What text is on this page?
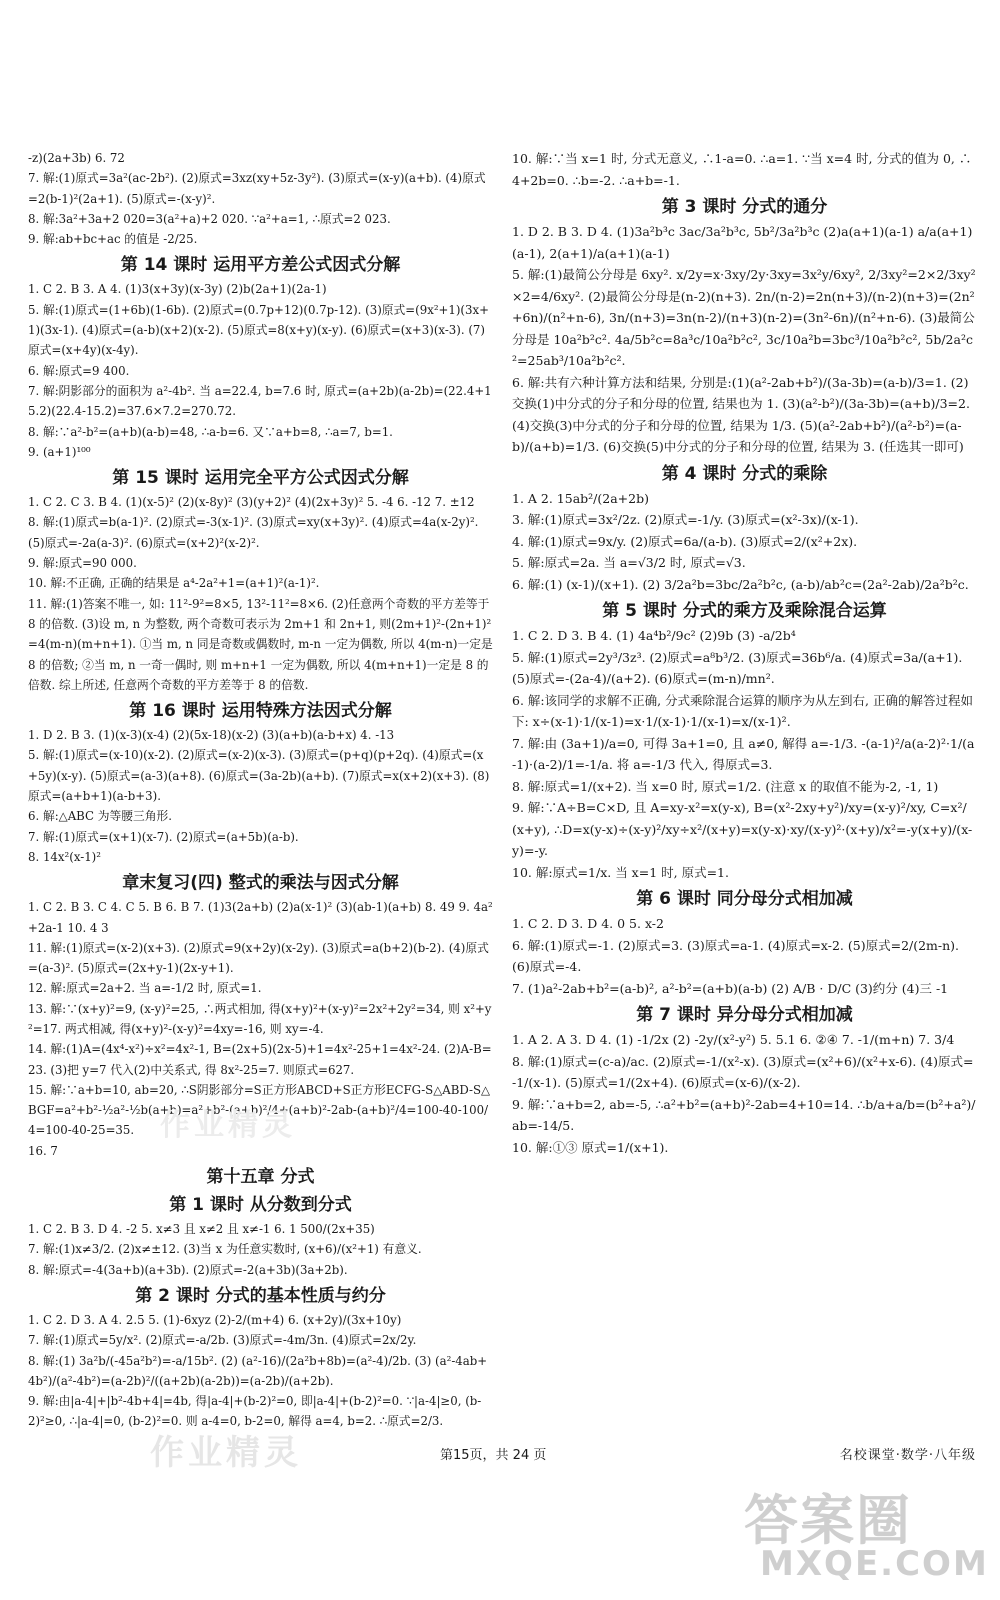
-z)(2a+3b) 6. 72
7. 解:(1)原式=3a²(ac-2b²). (2)原式=3xz(xy+5z-3y²). (3)原式=(x-y)(a+b). (4)原式=2(b-1)²(2a+1). (5)原式=-(x-y)².
8. 解:3a²+3a+2 020=3(a²+a)+2 020. ∵a²+a=1, ∴原式=2 023.
9. 解:ab+bc+ac 的值是 -2/25.
第 14 课时 运用平方差公式因式分解
1. C 2. B 3. A 4. (1)3(x+3y)(x-3y) (2)b(2a+1)(2a-1)
5. 解:(1)原式=(1+6b)(1-6b). (2)原式=(0.7p+12)(0.7p-12). (3)原式=(9x²+1)(3x+1)(3x-1). (4)原式=(a-b)(x+2)(x-2). (5)原式=8(x+y)(x-y). (6)原式=(x+3)(x-3). (7)原式=(x+4y)(x-4y).
6. 解:原式=9 400.
7. 解:阴影部分的面积为 a²-4b². 当 a=22.4, b=7.6 时, 原式=(a+2b)(a-2b)=(22.4+15.2)(22.4-15.2)=37.6×7.2=270.72.
8. 解:∵a²-b²=(a+b)(a-b)=48, ∴a-b=6. 又∵a+b=8, ∴a=7, b=1.
9. (a+1)¹⁰⁰
第 15 课时 运用完全平方公式因式分解
1. C 2. C 3. B 4. (1)(x-5)² (2)(x-8y)² (3)(y+2)² (4)(2x+3y)² 5. -4 6. -12 7. ±12
8. 解:(1)原式=b(a-1)². (2)原式=-3(x-1)². (3)原式=xy(x+3y)². (4)原式=4a(x-2y)². (5)原式=-2a(a-3)². (6)原式=(x+2)²(x-2)².
9. 解:原式=90 000.
10. 解:不正确, 正确的结果是 a⁴-2a²+1=(a+1)²(a-1)².
11. 解:(1)答案不唯一, 如: 11²-9²=8×5, 13²-11²=8×6. (2)任意两个奇数的平方差等于 8 的倍数. (3)设 m, n 为整数, 两个奇数可表示为 2m+1 和 2n+1, 则(2m+1)²-(2n+1)²=4(m-n)(m+n+1). ①当 m, n 同是奇数或偶数时, m-n 一定为偶数, 所以 4(m-n)一定是 8 的倍数; ②当 m, n 一奇一偶时, 则 m+n+1 一定为偶数, 所以 4(m+n+1)一定是 8 的倍数. 综上所述, 任意两个奇数的平方差等于 8 的倍数.
第 16 课时 运用特殊方法因式分解
1. D 2. B 3. (1)(x-3)(x-4) (2)(5x-18)(x-2) (3)(a+b)(a-b+x) 4. -13
5. 解:(1)原式=(x-10)(x-2). (2)原式=(x-2)(x-3). (3)原式=(p+q)(p+2q). (4)原式=(x+5y)(x-y). (5)原式=(a-3)(a+8). (6)原式=(3a-2b)(a+b). (7)原式=x(x+2)(x+3). (8)原式=(a+b+1)(a-b+3).
6. 解:△ABC 为等腰三角形.
7. 解:(1)原式=(x+1)(x-7). (2)原式=(a+5b)(a-b).
8. 14x²(x-1)²
章末复习(四) 整式的乘法与因式分解
1. C 2. B 3. C 4. C 5. B 6. B 7. (1)3(2a+b) (2)a(x-1)² (3)(ab-1)(a+b) 8. 49 9. 4a²+2a-1 10. 4 3
11. 解:(1)原式=(x-2)(x+3). (2)原式=9(x+2y)(x-2y). (3)原式=a(b+2)(b-2). (4)原式=(a-3)². (5)原式=(2x+y-1)(2x-y+1).
12. 解:原式=2a+2. 当 a=-1/2 时, 原式=1.
13. 解:∵(x+y)²=9, (x-y)²=25, ∴两式相加, 得(x+y)²+(x-y)²=2x²+2y²=34, 则 x²+y²=17. 两式相减, 得(x+y)²-(x-y)²=4xy=-16, 则 xy=-4.
14. 解:(1)A=(4x⁴-x²)÷x²=4x²-1, B=(2x+5)(2x-5)+1=4x²-25+1=4x²-24. (2)A-B=23. (3)把 y=7 代入(2)中关系式, 得 8x²-25=7. 则原式=627.
15. 解:∵a+b=10, ab=20, ∴S阴影部分=S正方形ABCD+S正方形ECFG-S△ABD-S△BGF=a²+b²-½a²-½b(a+b)=a²+b²-(a+b)²/4+(a+b)²-2ab-(a+b)²/4=100-40-100/4=100-40-25=35.
16. 7
第十五章 分式
第 1 课时 从分数到分式
1. C 2. B 3. D 4. -2 5. x≠3 且 x≠2 且 x≠-1 6. 1 500/(2x+35)
7. 解:(1)x≠3/2. (2)x≠±12. (3)当 x 为任意实数时, (x+6)/(x²+1) 有意义.
8. 解:原式=-4(3a+b)(a+3b). (2)原式=-2(a+3b)(3a+2b).
第 2 课时 分式的基本性质与约分
1. C 2. D 3. A 4. 2.5 5. (1)-6xyz (2)-2/(m+4) 6. (x+2y)/(3x+10y)
7. 解:(1)原式=5y/x². (2)原式=-a/2b. (3)原式=-4m/3n. (4)原式=2x/2y.
8. 解:(1) 3a²b/(-45a²b²)=-a/15b². (2) (a²-16)/(2a²b+8b)=(a²-4)/2b. (3) (a²-4ab+4b²)/(a²-4b²)=(a-2b)²/((a+2b)(a-2b))=(a-2b)/(a+2b).
9. 解:由|a-4|+|b²-4b+4|=4b, 得|a-4|+(b-2)²=0, 即|a-4|+(b-2)²=0. ∵|a-4|≥0, (b-2)²≥0, ∴|a-4|=0, (b-2)²=0. 则 a-4=0, b-2=0, 解得 a=4, b=2. ∴原式=2/3.
10. 解:∵当 x=1 时, 分式无意义, ∴1-a=0. ∴a=1. ∵当 x=4 时, 分式的值为 0, ∴4+2b=0. ∴b=-2. ∴a+b=-1.
第 3 课时 分式的通分
1. D 2. B 3. D 4. (1)3a²b³c 3ac/3a²b³c, 5b²/3a²b³c (2)a(a+1)(a-1) a/a(a+1)(a-1), 2(a+1)/a(a+1)(a-1)
5. 解:(1)最简公分母是 6xy². x/2y=x·3xy/2y·3xy=3x²y/6xy², 2/3xy²=2×2/3xy²×2=4/6xy². (2)最简公分母是(n-2)(n+3). 2n/(n-2)=2n(n+3)/(n-2)(n+3)=(2n²+6n)/(n²+n-6), 3n/(n+3)=3n(n-2)/(n+3)(n-2)=(3n²-6n)/(n²+n-6). (3)最简公分母是 10a²b²c². 4a/5b²c=8a³c/10a²b²c², 3c/10a²b=3bc³/10a²b²c², 5b/2a²c²=25ab³/10a²b²c².
6. 解:共有六种计算方法和结果, 分别是:(1)(a²-2ab+b²)/(3a-3b)=(a-b)/3=1. (2)交换(1)中分式的分子和分母的位置, 结果也为 1. (3)(a²-b²)/(3a-3b)=(a+b)/3=2. (4)交换(3)中分式的分子和分母的位置, 结果为 1/3. (5)(a²-2ab+b²)/(a²-b²)=(a-b)/(a+b)=1/3. (6)交换(5)中分式的分子和分母的位置, 结果为 3. (任选其一即可)
第 4 课时 分式的乘除
1. A 2. 15ab²/(2a+2b)
3. 解:(1)原式=3x²/2z. (2)原式=-1/y. (3)原式=(x²-3x)/(x-1).
4. 解:(1)原式=9x/y. (2)原式=6a/(a-b). (3)原式=2/(x²+2x).
5. 解:原式=2a. 当 a=√3/2 时, 原式=√3.
6. 解:(1) (x-1)/(x+1). (2) 3/2a²b=3bc/2a²b²c, (a-b)/ab²c=(2a²-2ab)/2a²b²c.
第 5 课时 分式的乘方及乘除混合运算
1. C 2. D 3. B 4. (1) 4a⁴b²/9c² (2)9b (3) -a/2b⁴
5. 解:(1)原式=2y³/3z³. (2)原式=a⁸b³/2. (3)原式=36b⁶/a. (4)原式=3a/(a+1). (5)原式=-(2a-4)/(a+2). (6)原式=(m-n)/mn².
6. 解:该同学的求解不正确, 分式乘除混合运算的顺序为从左到右, 正确的解答过程如下: x÷(x-1)·1/(x-1)=x·1/(x-1)·1/(x-1)=x/(x-1)².
7. 解:由 (3a+1)/a=0, 可得 3a+1=0, 且 a≠0, 解得 a=-1/3. -(a-1)²/a(a-2)²·1/(a-1)·(a-2)/1=-1/a. 将 a=-1/3 代入, 得原式=3.
8. 解:原式=1/(x+2). 当 x=0 时, 原式=1/2. (注意 x 的取值不能为-2, -1, 1)
9. 解:∵A÷B=C×D, 且 A=xy-x²=x(y-x), B=(x²-2xy+y²)/xy=(x-y)²/xy, C=x²/(x+y), ∴D=x(y-x)÷(x-y)²/xy÷x²/(x+y)=x(y-x)·xy/(x-y)²·(x+y)/x²=-y(x+y)/(x-y)=-y.
10. 解:原式=1/x. 当 x=1 时, 原式=1.
第 6 课时 同分母分式相加减
1. C 2. D 3. D 4. 0 5. x-2
6. 解:(1)原式=-1. (2)原式=3. (3)原式=a-1. (4)原式=x-2. (5)原式=2/(2m-n). (6)原式=-4.
7. (1)a²-2ab+b²=(a-b)², a²-b²=(a+b)(a-b) (2) A/B · D/C (3)约分 (4)三 -1
第 7 课时 异分母分式相加减
1. A 2. A 3. D 4. (1) -1/2x (2) -2y/(x²-y²) 5. 5.1 6. ②④ 7. -1/(m+n) 7. 3/4
8. 解:(1)原式=(c-a)/ac. (2)原式=-1/(x²-x). (3)原式=(x²+6)/(x²+x-6). (4)原式=-1/(x-1). (5)原式=1/(2x+4). (6)原式=(x-6)/(x-2).
9. 解:∵a+b=2, ab=-5, ∴a²+b²=(a+b)²-2ab=4+10=14. ∴b/a+a/b=(b²+a²)/ab=-14/5.
10. 解:①③ 原式=1/(x+1).
作业精灵
作业精灵	第15页，共 24 页	名校课堂·数学·八年级
答案圈
MXQE.COM
